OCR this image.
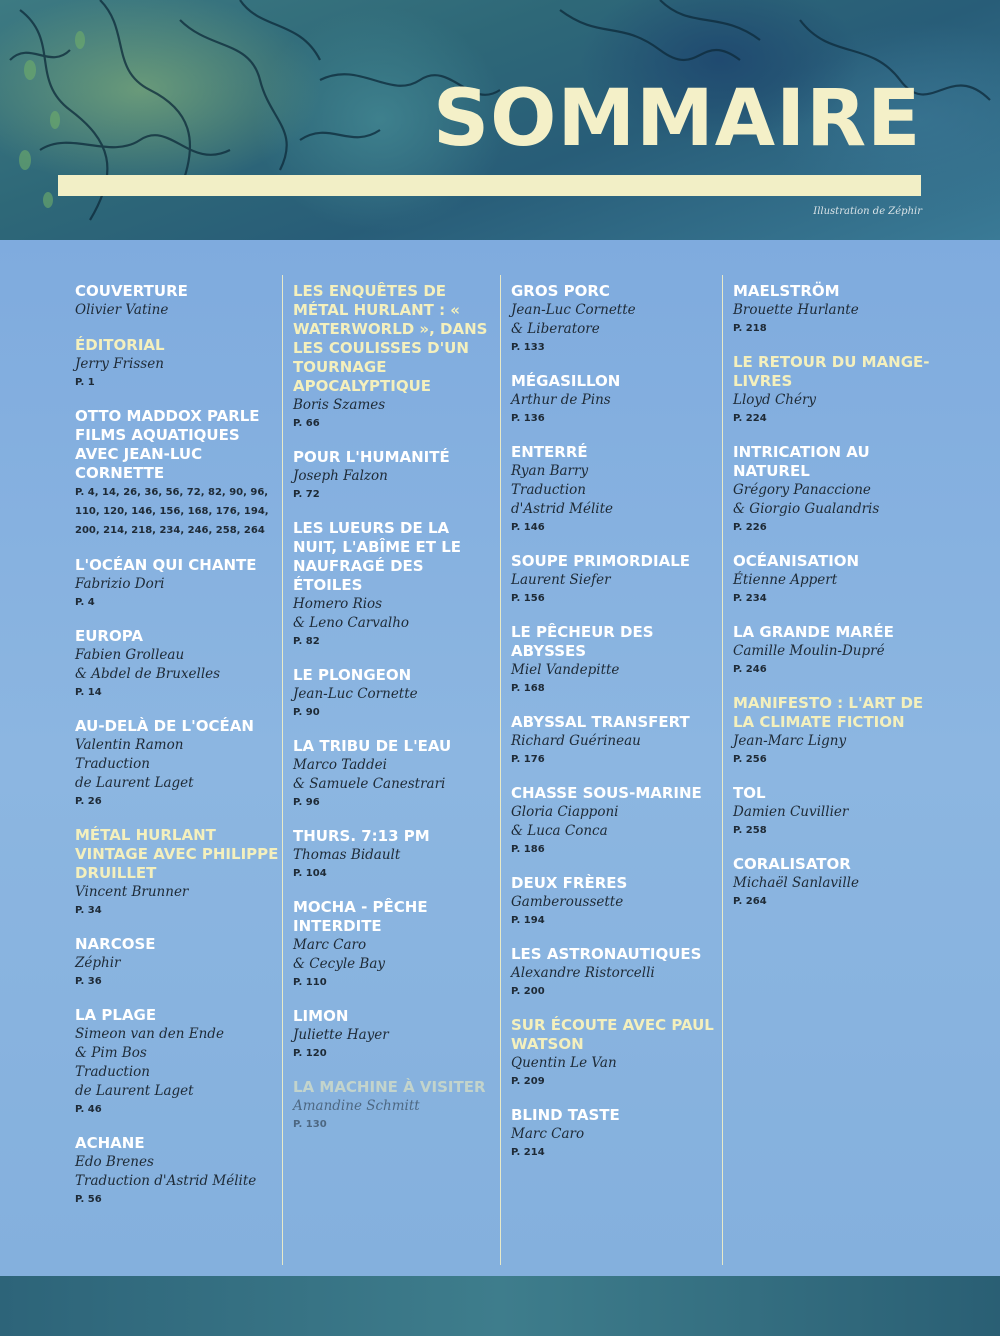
SOMMAIRE
Illustration de Zéphir
COUVERTURE
Olivier Vatine
ÉDITORIAL
Jerry Frissen
P. 1
OTTO MADDOX PARLE FILMS AQUATIQUES AVEC JEAN-LUC CORNETTE
P. 4, 14, 26, 36, 56, 72, 82, 90, 96, 110, 120, 146, 156, 168, 176, 194, 200, 214, 218, 234, 246, 258, 264
L'OCÉAN QUI CHANTE
Fabrizio Dori
P. 4
EUROPA
Fabien Grolleau
& Abdel de Bruxelles
P. 14
AU-DELÀ DE L'OCÉAN
Valentin Ramon
Traduction
de Laurent Laget
P. 26
MÉTAL HURLANT VINTAGE AVEC PHILIPPE DRUILLET
Vincent Brunner
P. 34
NARCOSE
Zéphir
P. 36
LA PLAGE
Simeon van den Ende
& Pim Bos
Traduction
de Laurent Laget
P. 46
ACHANE
Edo Brenes
Traduction d'Astrid Mélite
P. 56
LES ENQUÊTES DE MÉTAL HURLANT : « WATERWORLD », DANS LES COULISSES D'UN TOURNAGE APOCALYPTIQUE
Boris Szames
P. 66
POUR L'HUMANITÉ
Joseph Falzon
P. 72
LES LUEURS DE LA NUIT, L'ABÎME ET LE NAUFRAGÉ DES ÉTOILES
Homero Rios
& Leno Carvalho
P. 82
LE PLONGEON
Jean-Luc Cornette
P. 90
LA TRIBU DE L'EAU
Marco Taddei
& Samuele Canestrari
P. 96
THURS. 7:13 PM
Thomas Bidault
P. 104
MOCHA - PÊCHE INTERDITE
Marc Caro
& Cecyle Bay
P. 110
LIMON
Juliette Hayer
P. 120
LA MACHINE À VISITER
Amandine Schmitt
P. 130
GROS PORC
Jean-Luc Cornette
& Liberatore
P. 133
MÉGASILLON
Arthur de Pins
P. 136
ENTERRÉ
Ryan Barry
Traduction
d'Astrid Mélite
P. 146
SOUPE PRIMORDIALE
Laurent Siefer
P. 156
LE PÊCHEUR DES ABYSSES
Miel Vandepitte
P. 168
ABYSSAL TRANSFERT
Richard Guérineau
P. 176
CHASSE SOUS-MARINE
Gloria Ciapponi
& Luca Conca
P. 186
DEUX FRÈRES
Gamberoussette
P. 194
LES ASTRONAUTIQUES
Alexandre Ristorcelli
P. 200
SUR ÉCOUTE AVEC PAUL WATSON
Quentin Le Van
P. 209
BLIND TASTE
Marc Caro
P. 214
MAELSTRÖM
Brouette Hurlante
P. 218
LE RETOUR DU MANGE-LIVRES
Lloyd Chéry
P. 224
INTRICATION AU NATUREL
Grégory Panaccione
& Giorgio Gualandris
P. 226
OCÉANISATION
Étienne Appert
P. 234
LA GRANDE MARÉE
Camille Moulin-Dupré
P. 246
MANIFESTO : L'ART DE LA CLIMATE FICTION
Jean-Marc Ligny
P. 256
TOL
Damien Cuvillier
P. 258
CORALISATOR
Michaël Sanlaville
P. 264
